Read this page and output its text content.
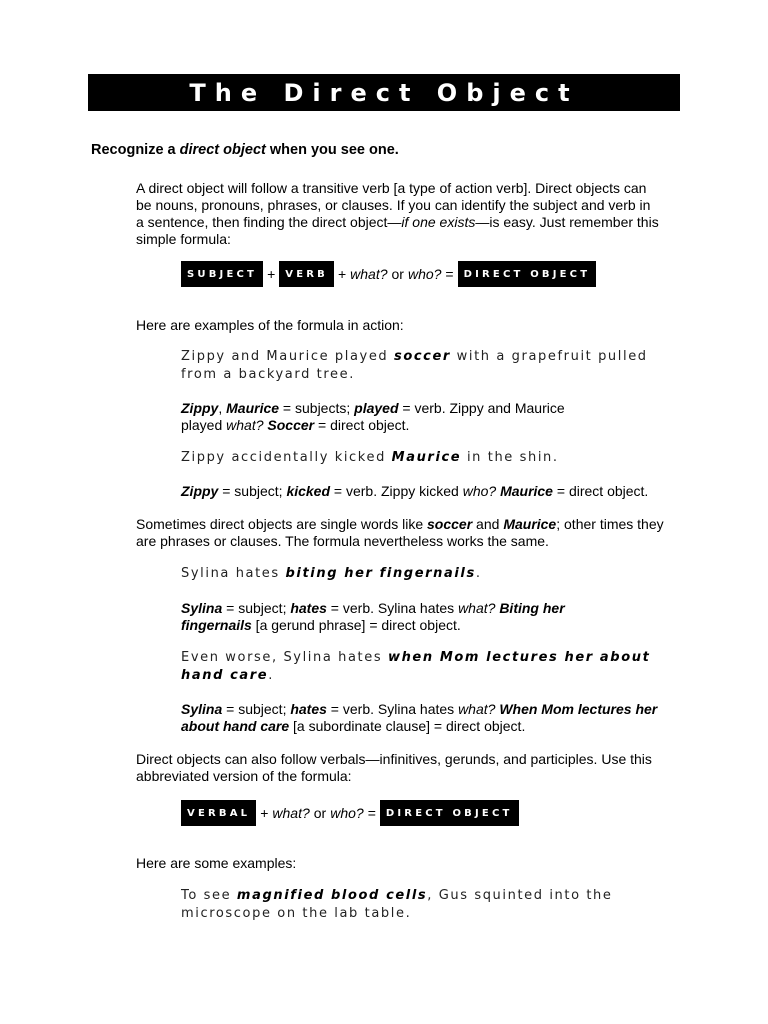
The Direct Object
Recognize a direct object when you see one.
A direct object will follow a transitive verb [a type of action verb]. Direct objects can be nouns, pronouns, phrases, or clauses. If you can identify the subject and verb in a sentence, then finding the direct object—if one exists—is easy. Just remember this simple formula:
SUBJECT +	VERB + what? or who? =	DIRECT OBJECT
Here are examples of the formula in action:
Zippy and Maurice played soccer with a grapefruit pulled from a backyard tree.
Zippy, Maurice = subjects; played = verb. Zippy and Maurice played what? Soccer = direct object.
Zippy accidentally kicked Maurice in the shin.
Zippy = subject; kicked = verb. Zippy kicked who? Maurice = direct object.
Sometimes direct objects are single words like soccer and Maurice; other times they are phrases or clauses. The formula nevertheless works the same.
Sylina hates biting her fingernails.
Sylina = subject; hates = verb. Sylina hates what? Biting her fingernails [a gerund phrase] = direct object.
Even worse, Sylina hates when Mom lectures her about hand care.
Sylina = subject; hates = verb. Sylina hates what? When Mom lectures her about hand care [a subordinate clause] = direct object.
Direct objects can also follow verbals—infinitives, gerunds, and participles. Use this abbreviated version of the formula:
VERBAL + what? or who? =	DIRECT OBJECT
Here are some examples:
To see magnified blood cells, Gus squinted into the microscope on the lab table.
